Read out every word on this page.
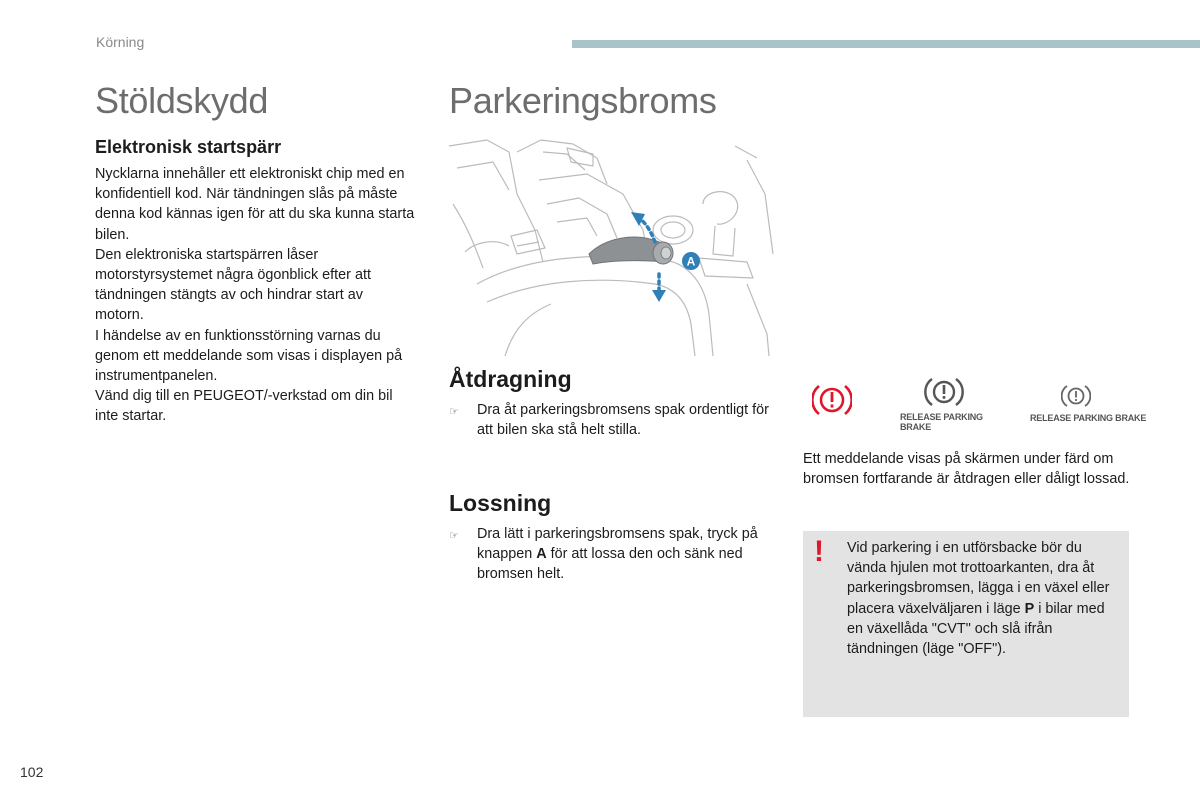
Körning
Stöldskydd
Elektronisk startspärr

Nycklarna innehåller ett elektroniskt chip med en konfidentiell kod. När tändningen slås på måste denna kod kännas igen för att du ska kunna starta bilen.

Den elektroniska startspärren låser motorstyrsystemet några ögonblick efter att tändningen stängts av och hindrar start av motorn.

I händelse av en funktionsstörning varnas du genom ett meddelande som visas i displayen på instrumentpanelen.

Vänd dig till en PEUGEOT/-verkstad om din bil inte startar.

Parkeringsbroms
A
Åtdragning
☞	Dra åt parkeringsbromsens spak ordentligt för att bilen ska stå helt stilla.
Lossning
☞	Dra lätt i parkeringsbromsens spak, tryck på knappen A för att lossa den och sänk ned bromsen helt.
RELEASE PARKING
BRAKE
RELEASE PARKING BRAKE
Ett meddelande visas på skärmen under färd om bromsen fortfarande är åtdragen eller dåligt lossad.
! Vid parkering i en utförsbacke bör du vända hjulen mot trottoarkanten, dra åt parkeringsbromsen, lägga i en växel eller placera växelväljaren i läge P i bilar med en växellåda "CVT" och slå ifrån tändningen (läge "OFF").
102
